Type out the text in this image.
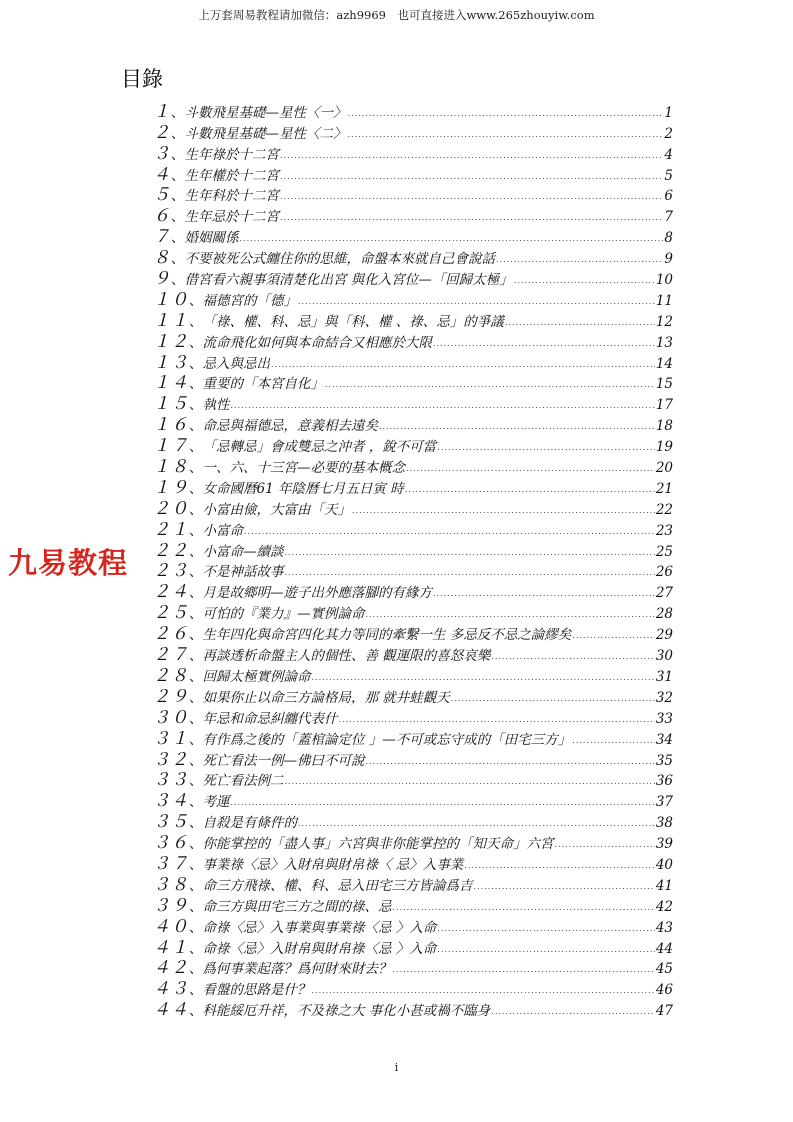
上万套周易教程请加微信：azh9969　也可直接进入www.265zhouyiw.com
目錄
九易教程
１ 、 斗數飛星基礎—星性〈一〉 .....	1
２ 、 斗數飛星基礎—星性〈二〉 .....	2
３ 、 生年祿於十二宮 .....	4
４ 、 生年權於十二宮 .....	5
５ 、 生年科於十二宮 .....	6
６ 、 生年忌於十二宮 .....	7
７ 、 婚姻關係 .....	8
８ 、 不要被死公式纏住你的思維，命盤本來就自己會說話 .....	9
９ 、 借宮看六親事須清楚化出宮 與化入宮位—「回歸太極」 .....	10
１０ 、 福德宮的「德」 .....	11
１１ 、 「祿、權、科、忌」與「科、權 、祿、忌」的爭議 .....	12
１２ 、 流命飛化如何與本命結合又相應於大限 .....	13
１３ 、 忌入與忌出 .....	14
１４ 、 重要的「本宮自化」 .....	15
１５ 、 執性 .....	17
１６ 、 命忌與福德忌，意義相去遠矣 .....	18
１７ 、 「忌轉忌」會成雙忌之沖者 ，銳不可當 .....	19
１８ 、 一、六、十三宮—必要的基本概念 .....	20
１９ 、 女命國曆61 年陰曆七月五日寅 時 .....	21
２０ 、 小富由儉，大富由「天」 .....	22
２１ 、 小富命 .....	23
２２ 、 小富命—續談 .....	25
２３ 、 不是神話故事 .....	26
２４ 、 月是故鄉明—遊子出外應落腳的有緣方 .....	27
２５ 、 可怕的『業力』—實例論命 .....	28
２６ 、 生年四化與命宮四化其力等同的牽繫一生 多忌反不忌之論繆矣 .....	29
２７ 、 再談透析命盤主人的個性、善 觀運限的喜怒哀樂 .....	30
２８ 、 回歸太極實例論命 .....	31
２９ 、 如果你止以命三方論格局，那 就井蛙觀天 .....	32
３０ 、 年忌和命忌糾纏代表什 .....	33
３１ 、 有作爲之後的「蓋棺論定位 」—不可或忘守成的「田宅三方」 .....	34
３２ 、 死亡看法一例—佛曰不可說 .....	35
３３ 、 死亡看法例二 .....	36
３４ 、 考運 .....	37
３５ 、 自殺是有條件的 .....	38
３６ 、 你能掌控的「盡人事」六宮與非你能掌控的「知天命」六宮 .....	39
３７ 、 事業祿〈忌〉入財帛與財帛祿〈 忌〉入事業 .....	40
３８ 、 命三方飛祿、權、科、忌入田宅三方皆論爲吉 .....	41
３９ 、 命三方與田宅三方之間的祿、忌 .....	42
４０ 、 命祿〈忌〉入事業與事業祿〈忌 〉入命 .....	43
４１ 、 命祿〈忌〉入財帛與財帛祿〈忌 〉入命 .....	44
４２ 、 爲何事業起落？爲何財來財去？ .....	45
４３ 、 看盤的思路是什？ .....	46
４４ 、 科能綏厄升祥，不及祿之大 事化小甚或禍不臨身 .....	47
i
